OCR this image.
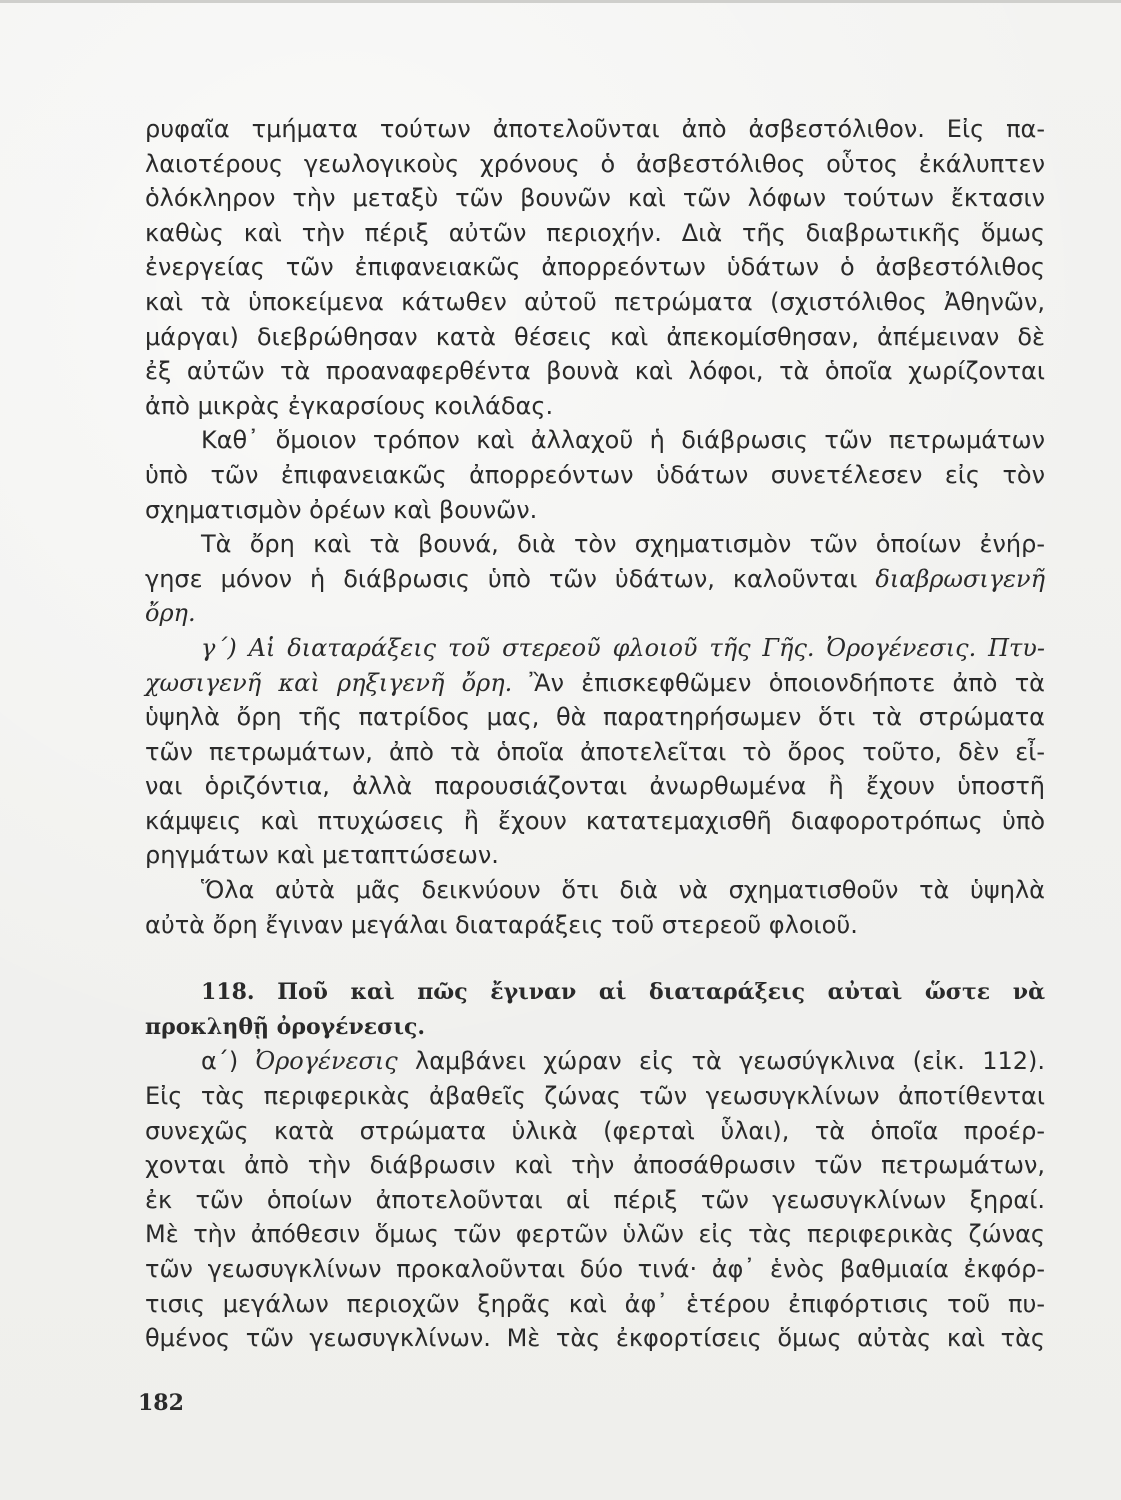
ρυφαῖα τμήματα τούτων ἀποτελοῦνται ἀπὸ ἀσβεστόλιθον. Εἰς πα-
λαιοτέρους γεωλογικοὺς χρόνους ὁ ἀσβεστόλιθος οὗτος ἐκάλυπτεν
ὁλόκληρον τὴν μεταξὺ τῶν βουνῶν καὶ τῶν λόφων τούτων ἔκτασιν
καθὼς καὶ τὴν πέριξ αὐτῶν περιοχήν. Διὰ τῆς διαβρωτικῆς ὅμως
ἐνεργείας τῶν ἐπιφανειακῶς ἀπορρεόντων ὑδάτων ὁ ἀσβεστόλιθος
καὶ τὰ ὑποκείμενα κάτωθεν αὐτοῦ πετρώματα (σχιστόλιθος Ἀθηνῶν,
μάργαι) διεβρώθησαν κατὰ θέσεις καὶ ἀπεκομίσθησαν, ἀπέμειναν δὲ
ἐξ αὐτῶν τὰ προαναφερθέντα βουνὰ καὶ λόφοι, τὰ ὁποῖα χωρίζονται
ἀπὸ μικρὰς ἐγκαρσίους κοιλάδας.
Καθ᾽ ὅμοιον τρόπον καὶ ἀλλαχοῦ ἡ διάβρωσις τῶν πετρωμάτων
ὑπὸ τῶν ἐπιφανειακῶς ἀπορρεόντων ὑδάτων συνετέλεσεν εἰς τὸν
σχηματισμὸν ὀρέων καὶ βουνῶν.
Τὰ ὄρη καὶ τὰ βουνά, διὰ τὸν σχηματισμὸν τῶν ὁποίων ἐνήρ-
γησε μόνον ἡ διάβρωσις ὑπὸ τῶν ὑδάτων, καλοῦνται διαβρωσιγενῆ
ὄρη.
γ΄) Αἱ διαταράξεις τοῦ στερεοῦ φλοιοῦ τῆς Γῆς. Ὀρογένεσις. Πτυ-
χωσιγενῆ καὶ ρηξιγενῆ ὄρη. Ἂν ἐπισκεφθῶμεν ὁποιονδήποτε ἀπὸ τὰ
ὑψηλὰ ὄρη τῆς πατρίδος μας, θὰ παρατηρήσωμεν ὅτι τὰ στρώματα
τῶν πετρωμάτων, ἀπὸ τὰ ὁποῖα ἀποτελεῖται τὸ ὄρος τοῦτο, δὲν εἶ-
ναι ὁριζόντια, ἀλλὰ παρουσιάζονται ἀνωρθωμένα ἢ ἔχουν ὑποστῆ
κάμψεις καὶ πτυχώσεις ἢ ἔχουν κατατεμαχισθῆ διαφοροτρόπως ὑπὸ
ρηγμάτων καὶ μεταπτώσεων.
Ὅλα αὐτὰ μᾶς δεικνύουν ὅτι διὰ νὰ σχηματισθοῦν τὰ ὑψηλὰ
αὐτὰ ὄρη ἔγιναν μεγάλαι διαταράξεις τοῦ στερεοῦ φλοιοῦ.
118. Ποῦ καὶ πῶς ἔγιναν αἱ διαταράξεις αὐταὶ ὥστε νὰ
προκληθῇ ὀρογένεσις.
α΄) Ὀρογένεσις λαμβάνει χώραν εἰς τὰ γεωσύγκλινα (εἰκ. 112).
Εἰς τὰς περιφερικὰς ἀβαθεῖς ζώνας τῶν γεωσυγκλίνων ἀποτίθενται
συνεχῶς κατὰ στρώματα ὑλικὰ (φερταὶ ὗλαι), τὰ ὁποῖα προέρ-
χονται ἀπὸ τὴν διάβρωσιν καὶ τὴν ἀποσάθρωσιν τῶν πετρωμάτων,
ἐκ τῶν ὁποίων ἀποτελοῦνται αἱ πέριξ τῶν γεωσυγκλίνων ξηραί.
Μὲ τὴν ἀπόθεσιν ὅμως τῶν φερτῶν ὑλῶν εἰς τὰς περιφερικὰς ζώνας
τῶν γεωσυγκλίνων προκαλοῦνται δύο τινά· ἀφ᾽ ἑνὸς βαθμιαία ἐκφόρ-
τισις μεγάλων περιοχῶν ξηρᾶς καὶ ἀφ᾽ ἑτέρου ἐπιφόρτισις τοῦ πυ-
θμένος τῶν γεωσυγκλίνων. Μὲ τὰς ἐκφορτίσεις ὅμως αὐτὰς καὶ τὰς
182
